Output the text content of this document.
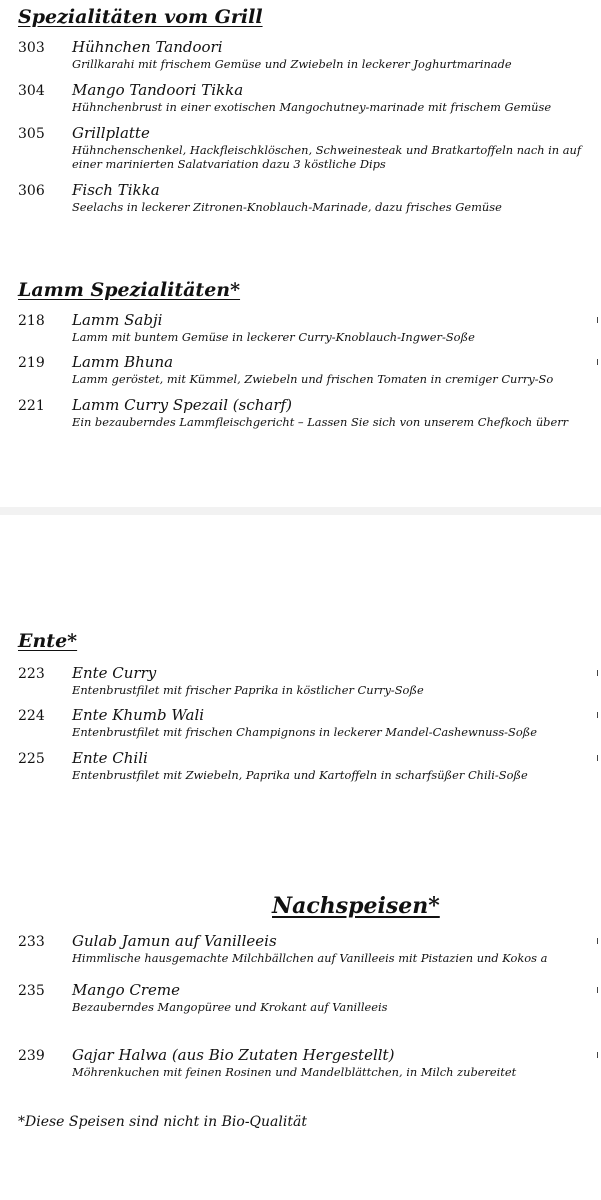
Spezialitäten vom Grill
303 Hühnchen Tandoori
Grillkarahi mit frischem Gemüse und Zwiebeln in leckerer Joghurtmarinade
304 Mango Tandoori Tikka
Hühnchenbrust in einer exotischen Mangochutney-marinade mit frischem Gemüse
305 Grillplatte
Hühnchenschenkel, Hackfleischklöschen, Schweinesteak und Bratkartoffeln nach in auf einer marinierten Salatvariation dazu 3 köstliche Dips
306 Fisch Tikka
Seelachs in leckerer Zitronen-Knoblauch-Marinade, dazu frisches Gemüse
Lamm Spezialitäten*
218 Lamm Sabji
Lamm mit buntem Gemüse in leckerer Curry-Knoblauch-Ingwer-Soße
219 Lamm Bhuna
Lamm geröstet, mit Kümmel, Zwiebeln und frischen Tomaten in cremiger Curry-So
221 Lamm Curry Spezail (scharf)
Ein bezauberndes Lammfleischgericht – Lassen Sie sich von unserem Chefkoch überr
Ente*
223 Ente Curry
Entenbrustfilet mit frischer Paprika in köstlicher Curry-Soße
224 Ente Khumb Wali
Entenbrustfilet mit frischen Champignons in leckerer Mandel-Cashewnuss-Soße
225 Ente Chili
Entenbrustfilet mit Zwiebeln, Paprika und Kartoffeln in scharfsüßer Chili-Soße
Nachspeisen*
233 Gulab Jamun auf Vanilleeis
Himmlische hausgemachte Milchbällchen auf Vanilleeis mit Pistazien und Kokos a
235 Mango Creme
Bezauberndes Mangopüree und Krokant auf Vanilleeis
239 Gajar Halwa (aus Bio Zutaten Hergestellt)
Möhrenkuchen mit feinen Rosinen und Mandelblättchen, in Milch zubereitet
*Diese Speisen sind nicht in Bio-Qualität
